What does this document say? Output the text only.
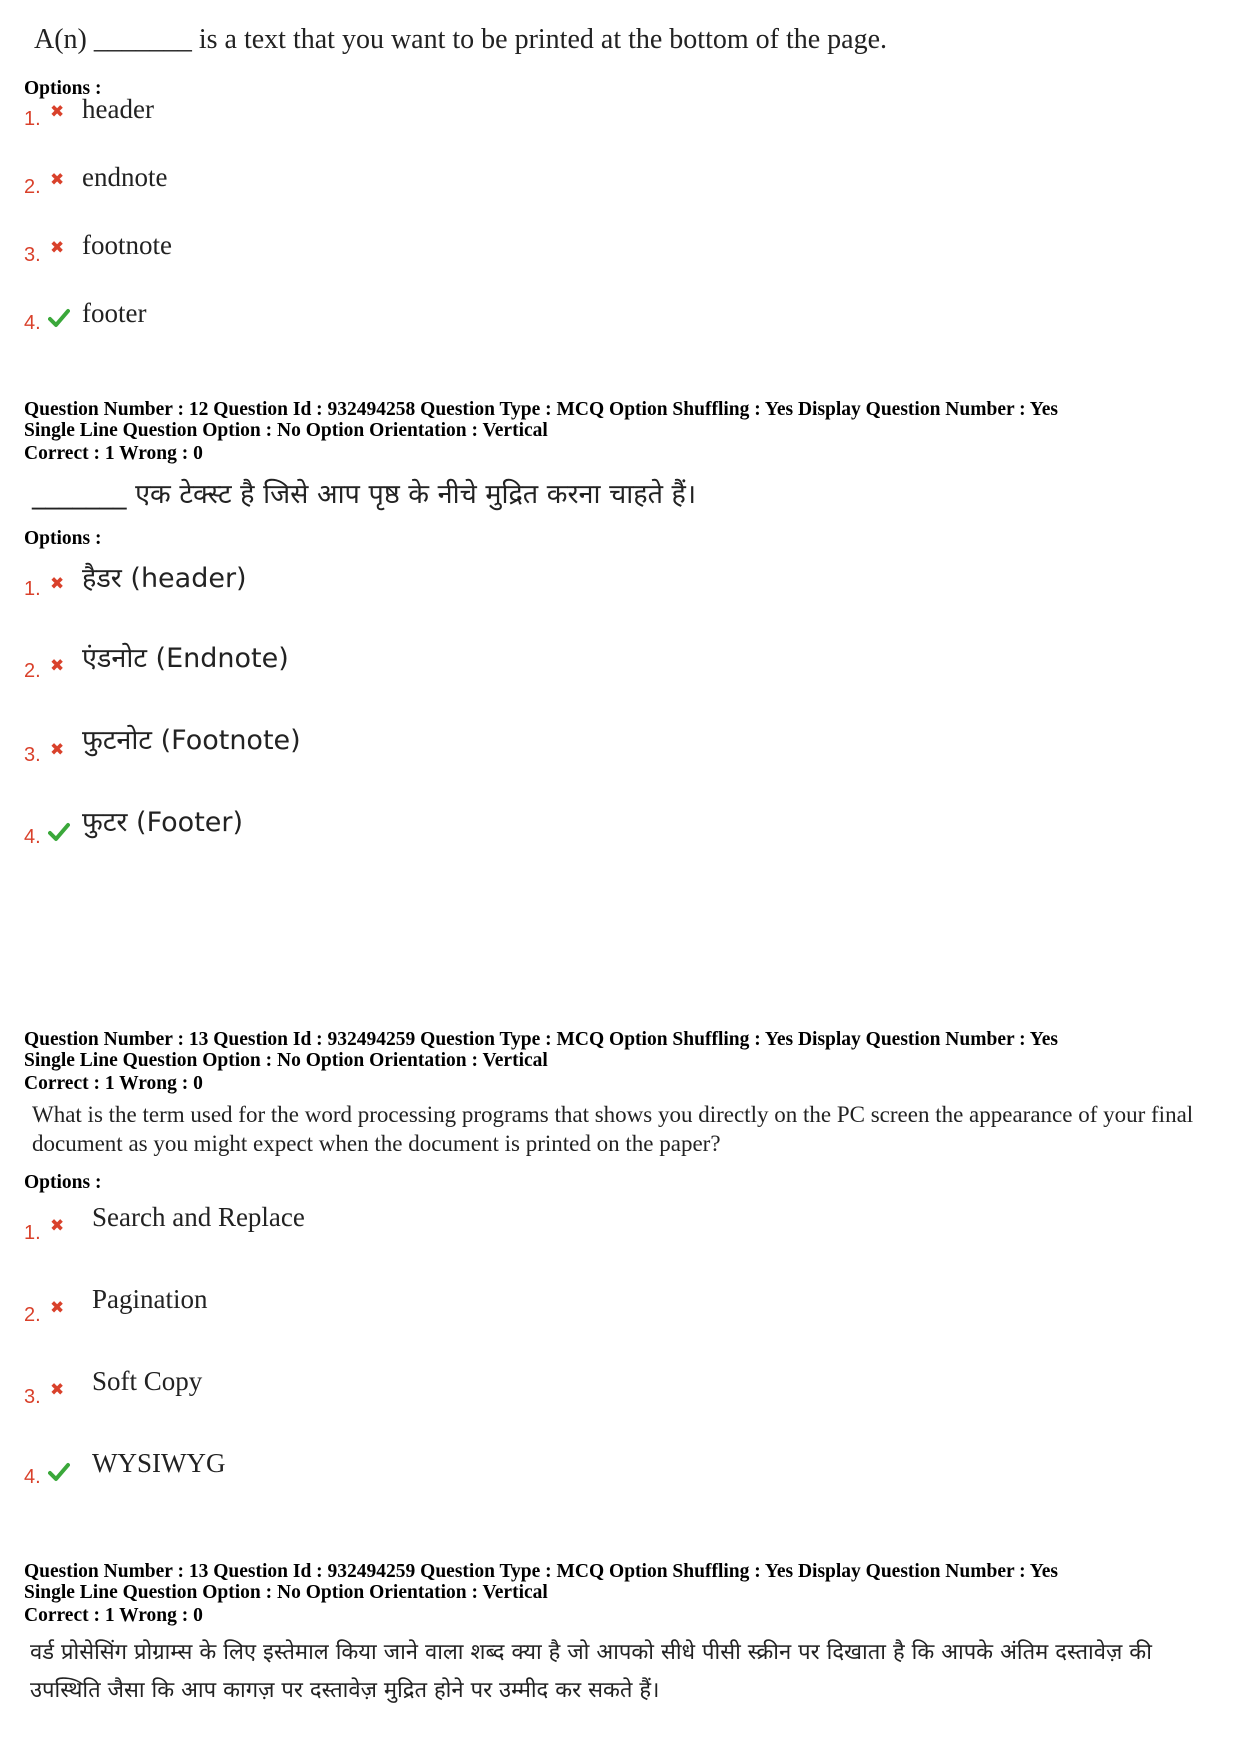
A(n) _______ is a text that you want to be printed at the bottom of the page.
Options :
1. ✖ header
2. ✖ endnote
3. ✖ footnote
4. footer
Question Number : 12 Question Id : 932494258 Question Type : MCQ Option Shuffling : Yes Display Question Number : Yes
Single Line Question Option : No Option Orientation : Vertical
Correct : 1 Wrong : 0
_______ एक टेक्स्ट है जिसे आप पृष्ठ के नीचे मुद्रित करना चाहते हैं।
Options :
1. ✖ हैडर (header)
2. ✖ एंडनोट (Endnote)
3. ✖ फुटनोट (Footnote)
4. फुटर (Footer)
Question Number : 13 Question Id : 932494259 Question Type : MCQ Option Shuffling : Yes Display Question Number : Yes
Single Line Question Option : No Option Orientation : Vertical
Correct : 1 Wrong : 0
What is the term used for the word processing programs that shows you directly on the PC screen the appearance of your final document as you might expect when the document is printed on the paper?
Options :
1. ✖ Search and Replace
2. ✖ Pagination
3. ✖ Soft Copy
4. WYSIWYG
Question Number : 13 Question Id : 932494259 Question Type : MCQ Option Shuffling : Yes Display Question Number : Yes
Single Line Question Option : No Option Orientation : Vertical
Correct : 1 Wrong : 0
वर्ड प्रोसेसिंग प्रोग्राम्स के लिए इस्तेमाल किया जाने वाला शब्द क्या है जो आपको सीधे पीसी स्क्रीन पर दिखाता है कि आपके अंतिम दस्तावेज़ की उपस्थिति जैसा कि आप कागज़ पर दस्तावेज़ मुद्रित होने पर उम्मीद कर सकते हैं।
